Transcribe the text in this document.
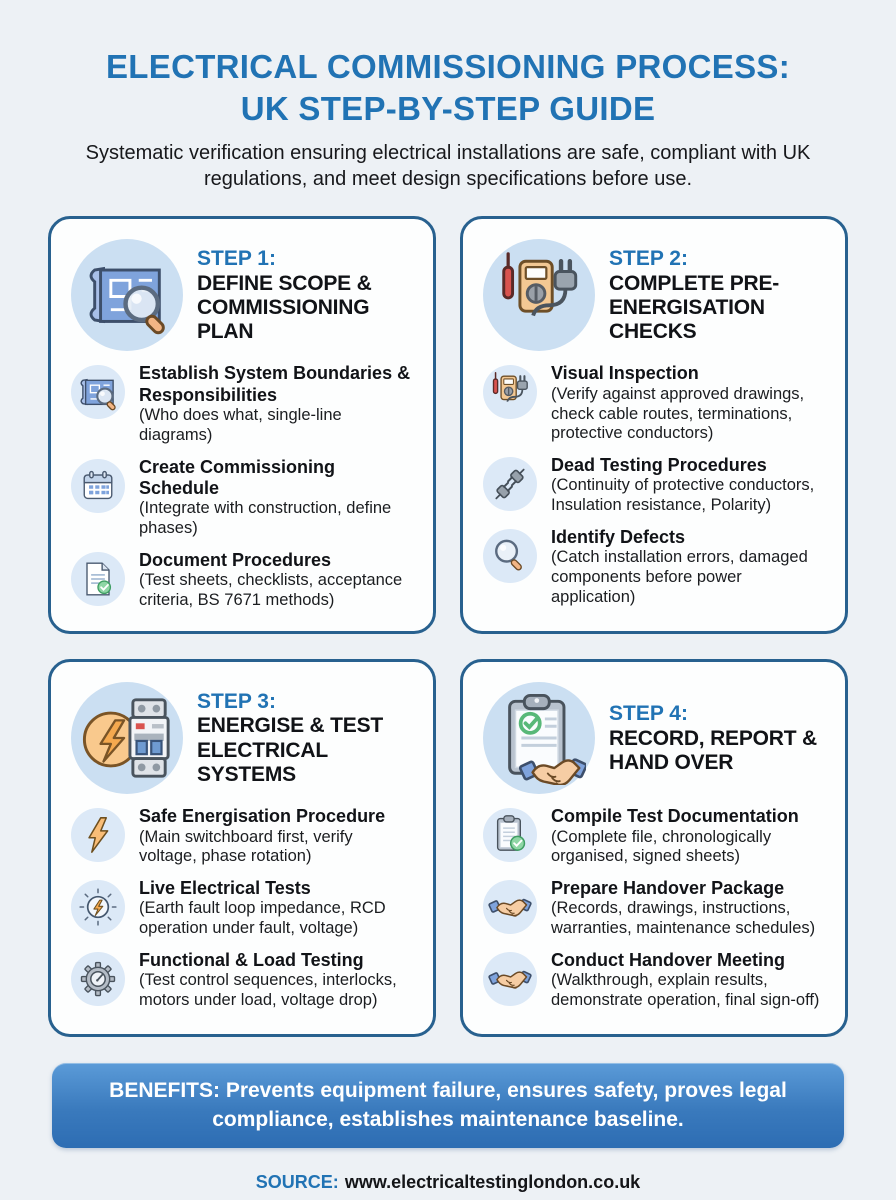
ELECTRICAL COMMISSIONING PROCESS:
UK STEP-BY-STEP GUIDE

Systematic verification ensuring electrical installations are safe, compliant with UK regulations, and meet design specifications before use.

STEP 1:
DEFINE SCOPE & COMMISSIONING PLAN
Establish System Boundaries & Responsibilities
(Who does what, single-line diagrams)
Create Commissioning Schedule
(Integrate with construction, define phases)
Document Procedures
(Test sheets, checklists, acceptance criteria, BS 7671 methods)
STEP 2:
COMPLETE PRE-ENERGISATION CHECKS
Visual Inspection
(Verify against approved drawings, check cable routes, terminations, protective conductors)
Dead Testing Procedures
(Continuity of protective conductors, Insulation resistance, Polarity)
Identify Defects
(Catch installation errors, damaged components before power application)
STEP 3:
ENERGISE & TEST ELECTRICAL SYSTEMS
Safe Energisation Procedure
(Main switchboard first, verify voltage, phase rotation)
Live Electrical Tests
(Earth fault loop impedance, RCD operation under fault, voltage)
Functional & Load Testing
(Test control sequences, interlocks, motors under load, voltage drop)
STEP 4:
RECORD, REPORT & HAND OVER
Compile Test Documentation
(Complete file, chronologically organised, signed sheets)
Prepare Handover Package
(Records, drawings, instructions, warranties, maintenance schedules)
Conduct Handover Meeting
(Walkthrough, explain results, demonstrate operation, final sign-off)
BENEFITS: Prevents equipment failure, ensures safety, proves legal compliance, establishes maintenance baseline.
SOURCE: www.electricaltestinglondon.co.uk
